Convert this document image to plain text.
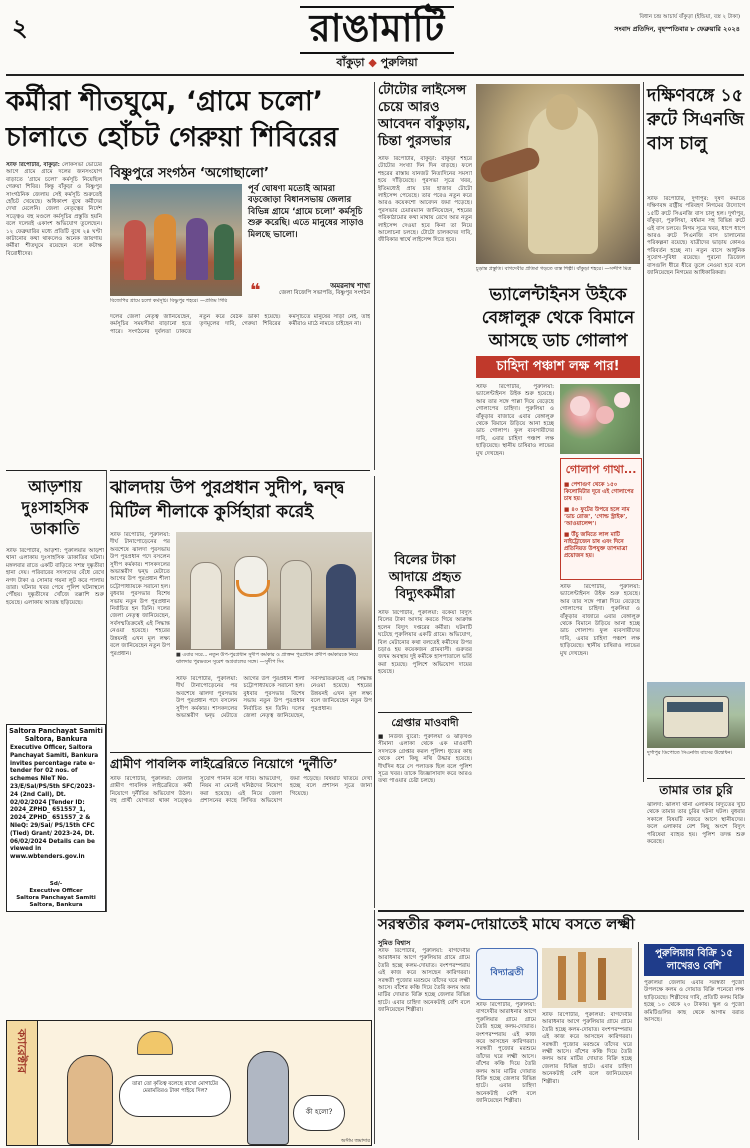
২	রাঙামাটি
বাঁকুড়া ◆ পুরুলিয়া
বিধান চন্দ্র আচার্য বাঁকুড়া (ইন্ডিয়া, বস্ত্র ২ টাকা)
সংবাদ প্রতিদিন, বৃহস্পতিবার ৮ ফেব্রুয়ারি ২০২৪
কর্মীরা শীতঘুমে, ‘গ্রামে চলো’
চালাতে হোঁচট গেরুয়া শিবিরের
স্টাফ রিপোর্টার, বাঁকুড়া: লোকসভা ভোটের আগে গ্রামে গ্রামে দলের জনসংযোগ বাড়াতে ‘গ্রামে চলো’ কর্মসূচি নিয়েছিল গেরুয়া শিবির। কিন্তু বাঁকুড়া ও বিষ্ণুপুর সাংগঠনিক জেলায় সেই কর্মসূচি শুরুতেই হোঁচট খেয়েছে। অধিকাংশ বুথে কর্মীদের দেখা মেলেনি। জেলা নেতৃত্বের নির্দেশ সত্ত্বেও বহু মণ্ডলে কর্মসূচির প্রস্তুতি হয়নি বলে দলেরই একাংশ অভিযোগ তুলেছেন। ১২ ফেব্রুয়ারির মধ্যে প্রতিটি বুথে ২৪ ঘণ্টা কাটানোর কথা থাকলেও অনেক জায়গায় কর্মীরা শীতঘুমে রয়েছেন বলে কটাক্ষ বিরোধীদের।
বিষ্ণুপুরে সংগঠন ‘অগোছালো’
বিজেপির গ্রামে চলো কর্মসূচি। বিষ্ণুপুর শহরে। —প্রতিম গিরি
পূর্ব ঘোষণা মতোই আমরা বড়জোড়া বিধানসভায় জেলার বিভিন্ন গ্রামে ‘গ্রামে চলো’ কর্মসূচি শুরু করেছি। এতে মানুষের সাড়াও মিলছে ভালো।
❝	অমরনাথ শাখা
জেলা বিজেপি সভাপতি, বিষ্ণুপুর সংগঠন
দলের জেলা নেতৃত্ব জানিয়েছেন, কর্মসূচির সময়সীমা বাড়ানো হতে পারে। সংগঠনের দুর্বলতা ঢাকতে নতুন করে বৈঠক ডাকা হয়েছে। তৃণমূলের দাবি, গেরুয়া শিবিরের কর্মসূচিতে মানুষের সাড়া নেই, তাই কর্মীরাও মাঠে নামতে চাইছেন না।
টোটোর লাইসেন্স চেয়ে আরও আবেদন বাঁকুড়ায়, চিন্তা পুরসভার
স্টাফ রিপোর্টার, বাঁকুড়া: বাঁকুড়া শহরে টোটোর সংখ্যা দিন দিন বাড়ছে। ফলে শহরের রাস্তায় যানজট নিত্যদিনের সমস্যা হয়ে দাঁড়িয়েছে। পুরসভা সূত্রে খবর, ইতিমধ্যেই প্রায় চার হাজার টোটো লাইসেন্স পেয়েছে। তার পরেও নতুন করে আরও কয়েকশো আবেদন জমা পড়েছে। পুরসভার চেয়ারম্যান জানিয়েছেন, শহরের পরিকাঠামোর কথা মাথায় রেখে আর নতুন লাইসেন্স দেওয়া হবে কিনা তা নিয়ে আলোচনা চলছে। টোটো চালকদের দাবি, জীবিকার স্বার্থে লাইসেন্স দিতে হবে।
চূড়ান্ত প্রস্তুতি। বাগদেবীর প্রতিমা গড়তে ব্যস্ত শিল্পী। বাঁকুড়া শহরে। —সন্দীপ মিত্র
দক্ষিণবঙ্গে ১৫ রুটে সিএনজি বাস চালু
স্টাফ রিপোর্টার, দুর্গাপুর: দূষণ কমাতে দক্ষিণবঙ্গ রাষ্ট্রীয় পরিবহণ নিগমের উদ্যোগে ১৫টি রুটে সিএনজি বাস চালু হল। দুর্গাপুর, বাঁকুড়া, পুরুলিয়া, বর্ধমান সহ বিভিন্ন রুটে এই বাস চলবে। নিগম সূত্রে খবর, ধাপে ধাপে আরও রুটে সিএনজি বাস চালানোর পরিকল্পনা রয়েছে। যাত্রীদের ভাড়ায় কোনও পরিবর্তন হচ্ছে না। নতুন বাসে আধুনিক সুযোগ-সুবিধা রয়েছে। পুরনো ডিজেল বাসগুলি ধীরে ধীরে তুলে নেওয়া হবে বলে জানিয়েছেন নিগমের আধিকারিকরা।
দুর্গাপুর ডিপোতে সিএনজি বাসের উদ্বোধন।
ভ্যালেন্টাইনস উইকে বেঙ্গালুরু থেকে বিমানে আসছে ডাচ গোলাপ
চাহিদা পঞ্চাশ লক্ষ পার!
স্টাফ রিপোর্টার, পুরুলিয়া: ভ্যালেন্টাইনস উইক শুরু হয়েছে। আর তার সঙ্গে পাল্লা দিয়ে বেড়েছে গোলাপের চাহিদা। পুরুলিয়া ও বাঁকুড়ার বাজারে এবার বেঙ্গালুরু থেকে বিমানে উড়িয়ে আনা হচ্ছে ডাচ গোলাপ। ফুল ব্যবসায়ীদের দাবি, এবার চাহিদা পঞ্চাশ লক্ষ ছাড়িয়েছে। স্থানীয় চাষিরাও লাভের মুখ দেখছেন।
গোলাপ গাথা...
■ পেশাগুণ থেকে ১৫০ কিলোমিটার দূরে এই গোলাপের চাষ হয়।
■ ৪০ ফুটের উপরে হলে নাম ‘ডাচ রোজ’, ‘গোল্ড স্ট্রাইক’, ‘আওয়ালেন্স’।
■ উঁচু জমিতে লাল মাটি নাইট্রোজেন চাষ এবং দিনে প্রতিনিয়ত উপযুক্ত তাপমাত্রা প্রয়োজন হয়।
স্টাফ রিপোর্টার, পুরুলিয়া: ভ্যালেন্টাইনস উইক শুরু হয়েছে। আর তার সঙ্গে পাল্লা দিয়ে বেড়েছে গোলাপের চাহিদা। পুরুলিয়া ও বাঁকুড়ার বাজারে এবার বেঙ্গালুরু থেকে বিমানে উড়িয়ে আনা হচ্ছে ডাচ গোলাপ। ফুল ব্যবসায়ীদের দাবি, এবার চাহিদা পঞ্চাশ লক্ষ ছাড়িয়েছে। স্থানীয় চাষিরাও লাভের মুখ দেখছেন।
আড়শায় দুঃসাহসিক ডাকাতি
স্টাফ রিপোর্টার, আড়শা: পুরুলিয়ার আড়শা থানা এলাকায় দুঃসাহসিক ডাকাতির ঘটনা। মঙ্গলবার রাতে একটি বাড়িতে সশস্ত্র দুষ্কৃতীরা হানা দেয়। পরিবারের সদস্যদের বেঁধে রেখে নগদ টাকা ও সোনার গয়না লুট করে পালায় তারা। ঘটনার খবর পেয়ে পুলিশ ঘটনাস্থলে পৌঁছয়। দুষ্কৃতীদের খোঁজে তল্লাশি শুরু হয়েছে। এলাকায় আতঙ্ক ছড়িয়েছে।
Saltora Panchayat Samiti Saltora, Bankura
Executive Officer, Saltora Panchayat Samiti, Bankura invites percentage rate e-tender for 02 nos. of schemes NIeT No. 23/E/Sal/PS/5th SFC/2023-24 (2nd Call), Dt. 02/02/2024 [Tender ID: 2024_ZPHD_ 651557_1, 2024_ZPHD_ 651557_2 & NIeQ: 29/Sal/ PS/15th CFC (Tied) Grant/ 2023-24, Dt. 06/02/2024 Details can be viewed in www.wbtenders.gov.in
Sd/-
Executive Officer
Saltora Panchayat Samiti
Saltora, Bankura
ঝালদায় উপ পুরপ্রধান সুদীপ, দ্বন্দ্ব
মিটিল শীলাকে কুর্সিহারা করেই
স্টাফ রিপোর্টার, পুরুলিয়া: দীর্ঘ টানাপোড়েনের পর অবশেষে ঝালদা পুরসভায় উপ পুরপ্রধান পদে বসলেন সুদীপ কর্মকার। শাসকদলের অভ্যন্তরীণ দ্বন্দ্ব মেটাতে আগের উপ পুরপ্রধান শীলা চট্টোপাধ্যায়কে সরানো হল। বুধবার পুরসভার বিশেষ সভায় নতুন উপ পুরপ্রধান নির্বাচিত হন তিনি। দলের জেলা নেতৃত্ব জানিয়েছেন, সর্বসম্মতিক্রমেই এই সিদ্ধান্ত নেওয়া হয়েছে। শহরের উন্নয়নই এখন মূল লক্ষ্য বলে জানিয়েছেন নতুন উপ পুরপ্রধান।	■ এবার সরে... নতুন উপ-পুরপ্রধান সুদীপ কর্মকার ও প্রাক্তন পুরপ্রধান প্রদীপ কর্মকারকে নিয়ে ঝালদার পুরভবনে সুরেশ অগ্রবালের সঙ্গে। —সুদীপ সিং
স্টাফ রিপোর্টার, পুরুলিয়া: দীর্ঘ টানাপোড়েনের পর অবশেষে ঝালদা পুরসভায় উপ পুরপ্রধান পদে বসলেন সুদীপ কর্মকার। শাসকদলের অভ্যন্তরীণ দ্বন্দ্ব মেটাতে আগের উপ পুরপ্রধান শীলা চট্টোপাধ্যায়কে সরানো হল। বুধবার পুরসভার বিশেষ সভায় নতুন উপ পুরপ্রধান নির্বাচিত হন তিনি। দলের জেলা নেতৃত্ব জানিয়েছেন, সর্বসম্মতিক্রমেই এই সিদ্ধান্ত নেওয়া হয়েছে। শহরের উন্নয়নই এখন মূল লক্ষ্য বলে জানিয়েছেন নতুন উপ পুরপ্রধান।
বিলের টাকা আদায়ে প্রহৃত বিদ্যুৎকর্মীরা
স্টাফ রিপোর্টার, পুরুলিয়া: বকেয়া বিদ্যুৎ বিলের টাকা আদায় করতে গিয়ে আক্রান্ত হলেন বিদ্যুৎ দপ্তরের কর্মীরা। ঘটনাটি ঘটেছে পুরুলিয়ার একটি গ্রামে। অভিযোগ, বিল মেটানোর কথা বলতেই কর্মীদের উপর চড়াও হয় কয়েকজন গ্রামবাসী। গুরুতর জখম অবস্থায় দুই কর্মীকে হাসপাতালে ভর্তি করা হয়েছে। পুলিশে অভিযোগ দায়ের হয়েছে।
গ্রেপ্তার মাওবাদী
■ নিউজ ব্যুরো: পুরুলিয়া ও ঝাড়খণ্ড সীমানা এলাকা থেকে এক মাওবাদী সদস্যকে গ্রেপ্তার করল পুলিশ। ধৃতের কাছ থেকে বেশ কিছু নথি উদ্ধার হয়েছে। দীর্ঘদিন ধরে সে পলাতক ছিল বলে পুলিশ সূত্রে খবর। তাকে জিজ্ঞাসাবাদ করে আরও তথ্য পাওয়ার চেষ্টা চলছে।
গ্রামীণ পাবলিক লাইব্রেরিতে নিয়োগে ‘দুর্নীতি’
স্টাফ রিপোর্টার, পুরুলিয়া: জেলার গ্রামীণ পাবলিক লাইব্রেরিতে কর্মী নিয়োগে দুর্নীতির অভিযোগ উঠল। বহু প্রার্থী যোগ্যতা থাকা সত্ত্বেও সুযোগ পাননি বলে দাবি। অভিযোগ, নিয়ম না মেনেই ঘনিষ্ঠদের নিয়োগ করা হয়েছে। এই নিয়ে জেলা প্রশাসনের কাছে লিখিত অভিযোগ জমা পড়েছে। বিষয়টি খতিয়ে দেখা হচ্ছে বলে প্রশাসন সূত্রে জানা গিয়েছে।	তামার তার চুরি
ঝালদা: ঝালদা থানা এলাকায় বিদ্যুতের খুঁটি থেকে তামার তার চুরির ঘটনা ঘটল। বুধবার সকালে বিষয়টি নজরে আসে স্থানীয়দের। ফলে এলাকার বেশ কিছু অংশে বিদ্যুৎ পরিষেবা ব্যাহত হয়। পুলিশ তদন্ত শুরু করেছে।
সরস্বতীর কলম-দোয়াতেই মাঘে বসতে লক্ষ্মী
সুমিত বিশ্বাস
স্টাফ রিপোর্টার, পুরুলিয়া: বাগদেবীর আরাধনার আগে পুরুলিয়ার গ্রামে গ্রামে তৈরি হচ্ছে কলম-দোয়াত। বংশপরম্পরায় এই কাজ করে আসছেন কারিগররা। সরস্বতী পুজোর মরশুমে তাঁদের ঘরে লক্ষ্মী আসে। বাঁশের কঞ্চি দিয়ে তৈরি কলম আর মাটির দোয়াত বিক্রি হচ্ছে জেলার বিভিন্ন হাটে। এবার চাহিদা অনেকটাই বেশি বলে জানিয়েছেন শিল্পীরা।
বিদ্যাব্রতী
স্টাফ রিপোর্টার, পুরুলিয়া: বাগদেবীর আরাধনার আগে পুরুলিয়ার গ্রামে গ্রামে তৈরি হচ্ছে কলম-দোয়াত। বংশপরম্পরায় এই কাজ করে আসছেন কারিগররা। সরস্বতী পুজোর মরশুমে তাঁদের ঘরে লক্ষ্মী আসে। বাঁশের কঞ্চি দিয়ে তৈরি কলম আর মাটির দোয়াত বিক্রি হচ্ছে জেলার বিভিন্ন হাটে। এবার চাহিদা অনেকটাই বেশি বলে জানিয়েছেন শিল্পীরা।
স্টাফ রিপোর্টার, পুরুলিয়া: বাগদেবীর আরাধনার আগে পুরুলিয়ার গ্রামে গ্রামে তৈরি হচ্ছে কলম-দোয়াত। বংশপরম্পরায় এই কাজ করে আসছেন কারিগররা। সরস্বতী পুজোর মরশুমে তাঁদের ঘরে লক্ষ্মী আসে। বাঁশের কঞ্চি দিয়ে তৈরি কলম আর মাটির দোয়াত বিক্রি হচ্ছে জেলার বিভিন্ন হাটে। এবার চাহিদা অনেকটাই বেশি বলে জানিয়েছেন শিল্পীরা।
পুরুলিয়ায় বিক্রি ১৫ লাখেরও বেশি
পুরুলিয়া জেলায় এবার সরস্বতী পুজো উপলক্ষে কলম ও দোয়াত বিক্রি পনেরো লক্ষ ছাড়িয়েছে। শিল্পীদের দাবি, প্রতিটি কলম বিক্রি হচ্ছে ১০ থেকে ২০ টাকায়। স্কুল ও পুজো কমিটিগুলির কাছ থেকে আগাম বরাত আসছে।
ক্যারেক্টার
তারা তো কৃতিত্ব বলেছে রাখো মোগাটের মেরামতিরও টাকা পাইয়ে দিল?
কী হলো?
অসীম জমাদার
